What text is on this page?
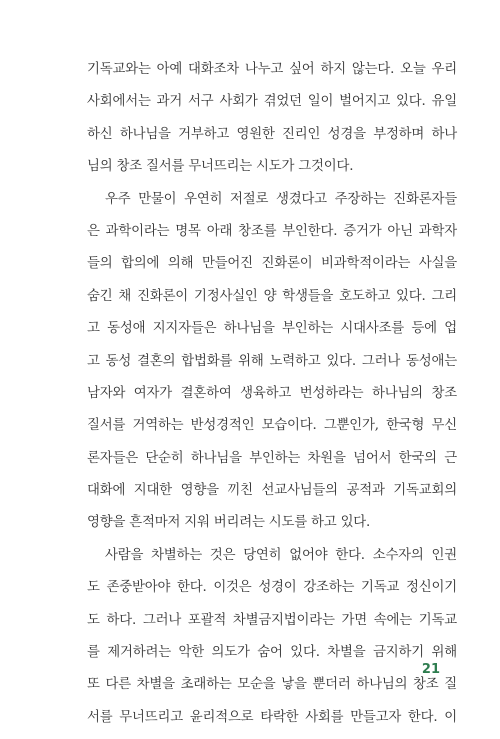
기독교와는 아예 대화조차 나누고 싶어 하지 않는다. 오늘 우리
사회에서는 과거 서구 사회가 겪었던 일이 벌어지고 있다. 유일
하신 하나님을 거부하고 영원한 진리인 성경을 부정하며 하나
님의 창조 질서를 무너뜨리는 시도가 그것이다.
우주 만물이 우연히 저절로 생겼다고 주장하는 진화론자들
은 과학이라는 명목 아래 창조를 부인한다. 증거가 아닌 과학자
들의 합의에 의해 만들어진 진화론이 비과학적이라는 사실을
숨긴 채 진화론이 기정사실인 양 학생들을 호도하고 있다. 그리
고 동성애 지지자들은 하나님을 부인하는 시대사조를 등에 업
고 동성 결혼의 합법화를 위해 노력하고 있다. 그러나 동성애는
남자와 여자가 결혼하여 생육하고 번성하라는 하나님의 창조
질서를 거역하는 반성경적인 모습이다. 그뿐인가, 한국형 무신
론자들은 단순히 하나님을 부인하는 차원을 넘어서 한국의 근
대화에 지대한 영향을 끼친 선교사님들의 공적과 기독교회의
영향을 흔적마저 지워 버리려는 시도를 하고 있다.
사람을 차별하는 것은 당연히 없어야 한다. 소수자의 인권
도 존중받아야 한다. 이것은 성경이 강조하는 기독교 정신이기
도 하다. 그러나 포괄적 차별금지법이라는 가면 속에는 기독교
를 제거하려는 악한 의도가 숨어 있다. 차별을 금지하기 위해
또 다른 차별을 초래하는 모순을 낳을 뿐더러 하나님의 창조 질
서를 무너뜨리고 윤리적으로 타락한 사회를 만들고자 한다. 이
21
